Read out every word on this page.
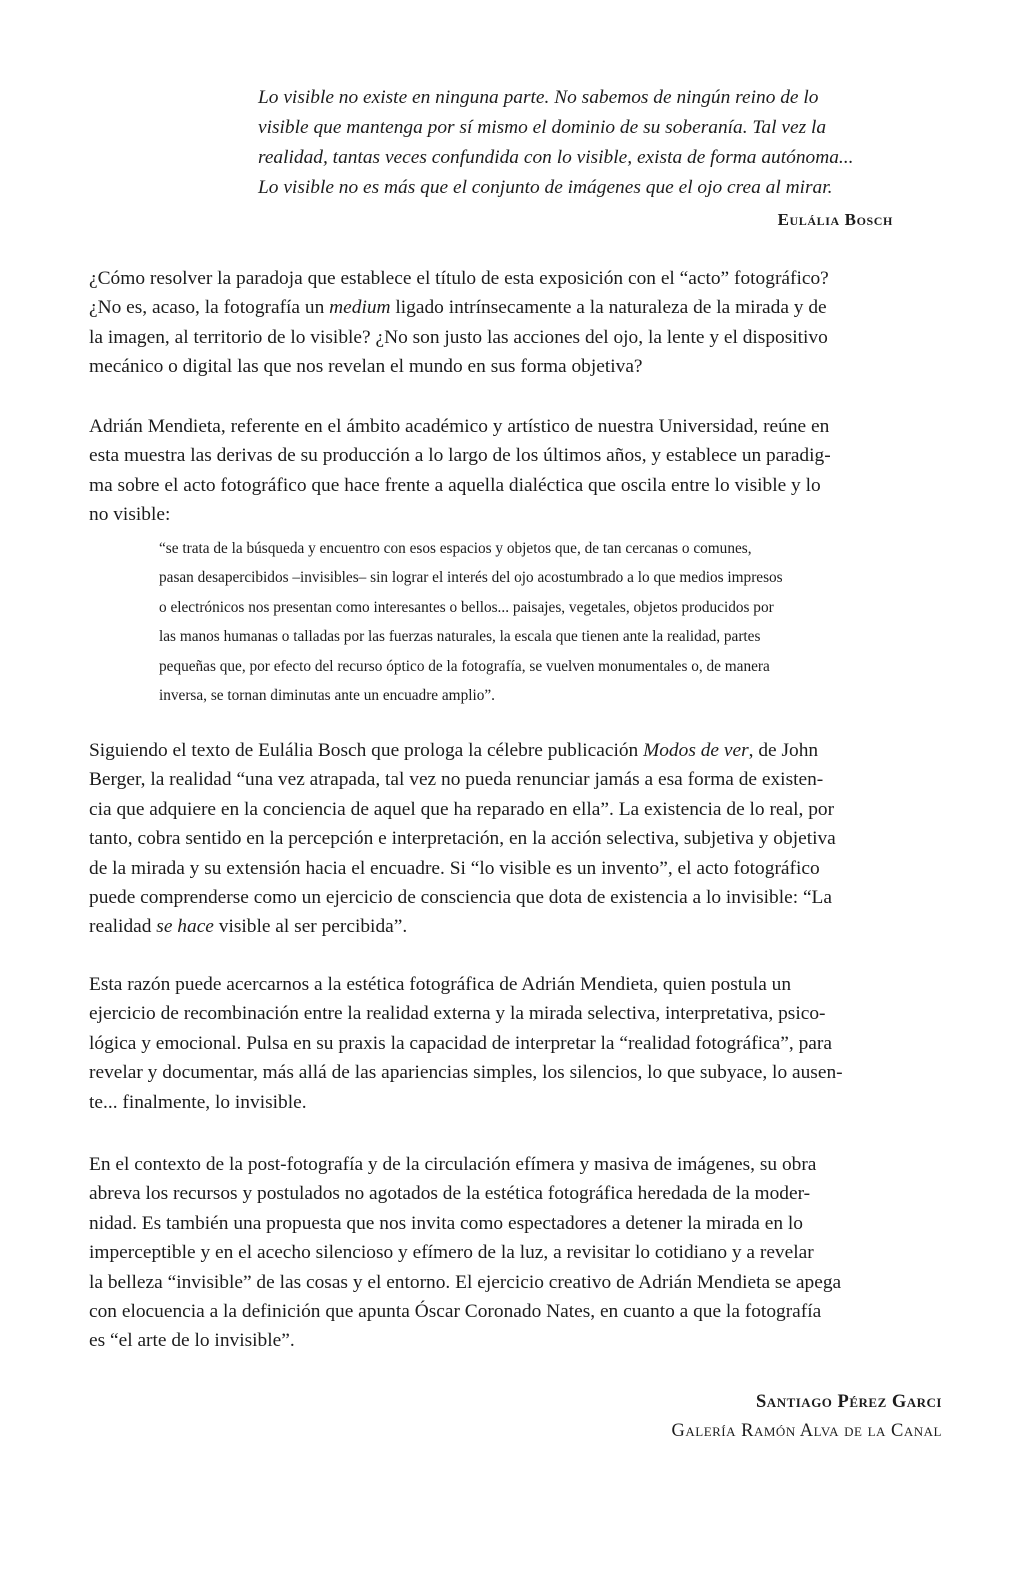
Lo visible no existe en ninguna parte. No sabemos de ningún reino de lo
visible que mantenga por sí mismo el dominio de su soberanía. Tal vez la
realidad, tantas veces confundida con lo visible, exista de forma autónoma...
Lo visible no es más que el conjunto de imágenes que el ojo crea al mirar.
Eulália Bosch
¿Cómo resolver la paradoja que establece el título de esta exposición con el “acto” fotográfico?
¿No es, acaso, la fotografía un medium ligado intrínsecamente a la naturaleza de la mirada y de
la imagen, al territorio de lo visible? ¿No son justo las acciones del ojo, la lente y el dispositivo
mecánico o digital las que nos revelan el mundo en sus forma objetiva?
Adrián Mendieta, referente en el ámbito académico y artístico de nuestra Universidad, reúne en
esta muestra las derivas de su producción a lo largo de los últimos años, y establece un paradig-
ma sobre el acto fotográfico que hace frente a aquella dialéctica que oscila entre lo visible y lo
no visible:
“se trata de la búsqueda y encuentro con esos espacios y objetos que, de tan cercanas o comunes,
pasan desapercibidos –invisibles– sin lograr el interés del ojo acostumbrado a lo que medios impresos
o electrónicos nos presentan como interesantes o bellos... paisajes, vegetales, objetos producidos por
las manos humanas o talladas por las fuerzas naturales, la escala que tienen ante la realidad, partes
pequeñas que, por efecto del recurso óptico de la fotografía, se vuelven monumentales o, de manera
inversa, se tornan diminutas ante un encuadre amplio”.
Siguiendo el texto de Eulália Bosch que prologa la célebre publicación Modos de ver, de John
Berger, la realidad “una vez atrapada, tal vez no pueda renunciar jamás a esa forma de existen-
cia que adquiere en la conciencia de aquel que ha reparado en ella”. La existencia de lo real, por
tanto, cobra sentido en la percepción e interpretación, en la acción selectiva, subjetiva y objetiva
de la mirada y su extensión hacia el encuadre. Si “lo visible es un invento”, el acto fotográfico
puede comprenderse como un ejercicio de consciencia que dota de existencia a lo invisible: “La
realidad se hace visible al ser percibida”.
Esta razón puede acercarnos a la estética fotográfica de Adrián Mendieta, quien postula un
ejercicio de recombinación entre la realidad externa y la mirada selectiva, interpretativa, psico-
lógica y emocional. Pulsa en su praxis la capacidad de interpretar la “realidad fotográfica”, para
revelar y documentar, más allá de las apariencias simples, los silencios, lo que subyace, lo ausen-
te... finalmente, lo invisible.
En el contexto de la post-fotografía y de la circulación efímera y masiva de imágenes, su obra
abreva los recursos y postulados no agotados de la estética fotográfica heredada de la moder-
nidad. Es también una propuesta que nos invita como espectadores a detener la mirada en lo
imperceptible y en el acecho silencioso y efímero de la luz, a revisitar lo cotidiano y a revelar
la belleza “invisible” de las cosas y el entorno. El ejercicio creativo de Adrián Mendieta se apega
con elocuencia a la definición que apunta Óscar Coronado Nates, en cuanto a que la fotografía
es “el arte de lo invisible”.
Santiago Pérez Garci
Galería Ramón Alva de la Canal
